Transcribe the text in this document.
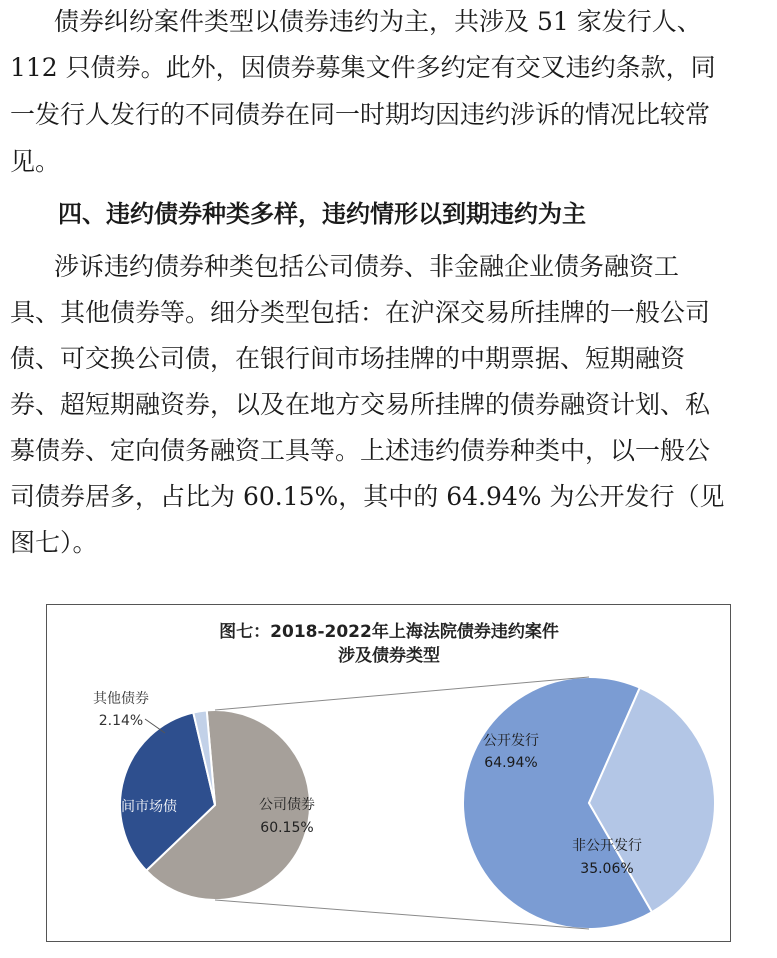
债券纠纷案件类型以债券违约为主，共涉及 51 家发行人、
112 只债券。此外，因债券募集文件多约定有交叉违约条款，同
一发行人发行的不同债券在同一时期均因违约涉诉的情况比较常
见。
四、违约债券种类多样，违约情形以到期违约为主
涉诉违约债券种类包括公司债券、非金融企业债务融资工
具、其他债券等。细分类型包括：在沪深交易所挂牌的一般公司
债、可交换公司债，在银行间市场挂牌的中期票据、短期融资
券、超短期融资券，以及在地方交易所挂牌的债券融资计划、私
募债券、定向债务融资工具等。上述违约债券种类中，以一般公
司债券居多，占比为 60.15%，其中的 64.94% 为公开发行（见
图七）。
图七：2018-2022年上海法院债券违约案件
涉及债券类型
其他债券
2.14%
公司债券
60.15%
银行间市场债
券
31.32%
公开发行
64.94%
非公开发行
35.06%
